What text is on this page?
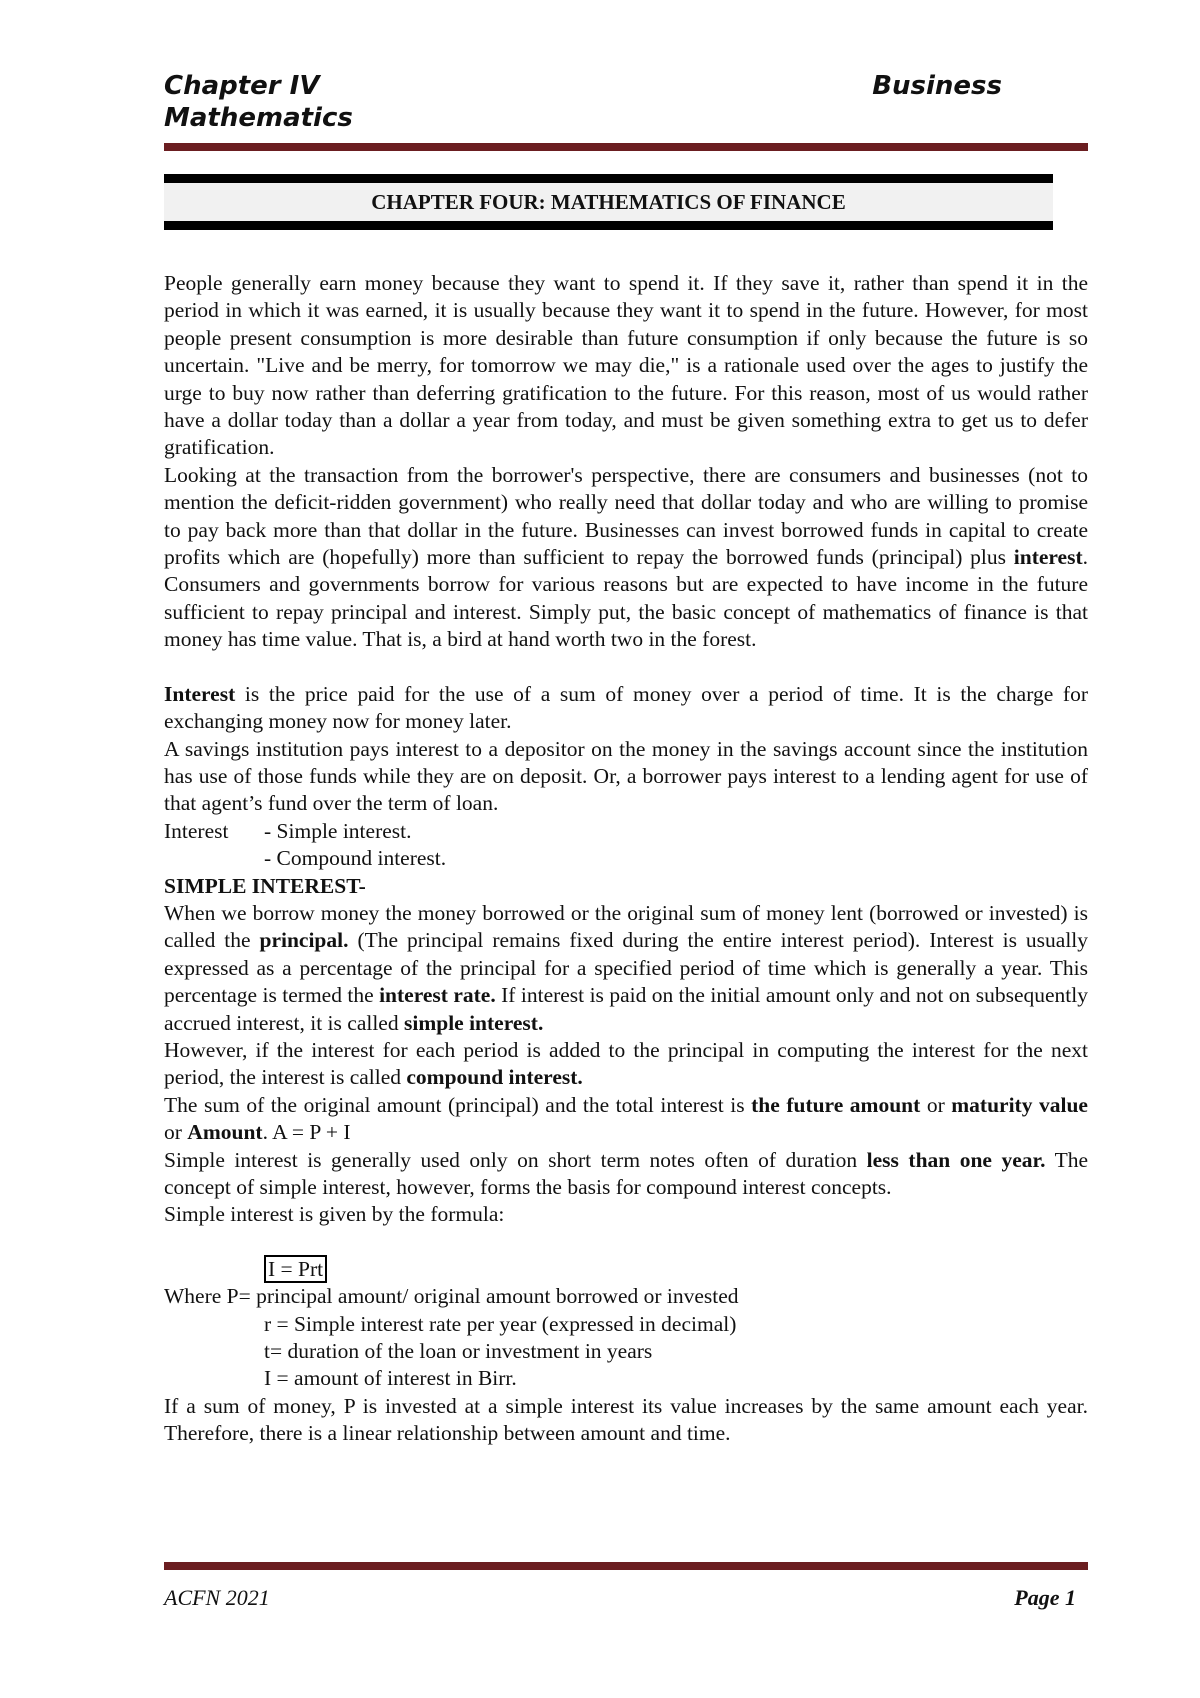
Chapter IV	Business
Mathematics
CHAPTER FOUR: MATHEMATICS OF FINANCE

People generally earn money because they want to spend it. If they save it, rather than spend it in the period in which it was earned, it is usually because they want it to spend in the future. However, for most people present consumption is more desirable than future consumption if only because the future is so uncertain. "Live and be merry, for tomorrow we may die," is a rationale used over the ages to justify the urge to buy now rather than deferring gratification to the future. For this reason, most of us would rather have a dollar today than a dollar a year from today, and must be given something extra to get us to defer gratification.

Looking at the transaction from the borrower's perspective, there are consumers and businesses (not to mention the deficit-ridden government) who really need that dollar today and who are willing to promise to pay back more than that dollar in the future. Businesses can invest borrowed funds in capital to create profits which are (hopefully) more than sufficient to repay the borrowed funds (principal) plus interest. Consumers and governments borrow for various reasons but are expected to have income in the future sufficient to repay principal and interest. Simply put, the basic concept of mathematics of finance is that money has time value. That is, a bird at hand worth two in the forest.

Interest is the price paid for the use of a sum of money over a period of time. It is the charge for exchanging money now for money later.

A savings institution pays interest to a depositor on the money in the savings account since the institution has use of those funds while they are on deposit. Or, a borrower pays interest to a lending agent for use of that agent’s fund over the term of loan.

Interest - Simple interest.

- Compound interest.

SIMPLE INTEREST-

When we borrow money the money borrowed or the original sum of money lent (borrowed or invested) is called the principal. (The principal remains fixed during the entire interest period). Interest is usually expressed as a percentage of the principal for a specified period of time which is generally a year. This percentage is termed the interest rate. If interest is paid on the initial amount only and not on subsequently accrued interest, it is called simple interest.

However, if the interest for each period is added to the principal in computing the interest for the next period, the interest is called compound interest.

The sum of the original amount (principal) and the total interest is the future amount or maturity value or Amount. A = P + I

Simple interest is generally used only on short term notes often of duration less than one year. The concept of simple interest, however, forms the basis for compound interest concepts.

Simple interest is given by the formula:

I = Prt

Where P= principal amount/ original amount borrowed or invested

r = Simple interest rate per year (expressed in decimal)

t= duration of the loan or investment in years

I = amount of interest in Birr.

If a sum of money, P is invested at a simple interest its value increases by the same amount each year. Therefore, there is a linear relationship between amount and time.

ACFN 2021	Page 1
